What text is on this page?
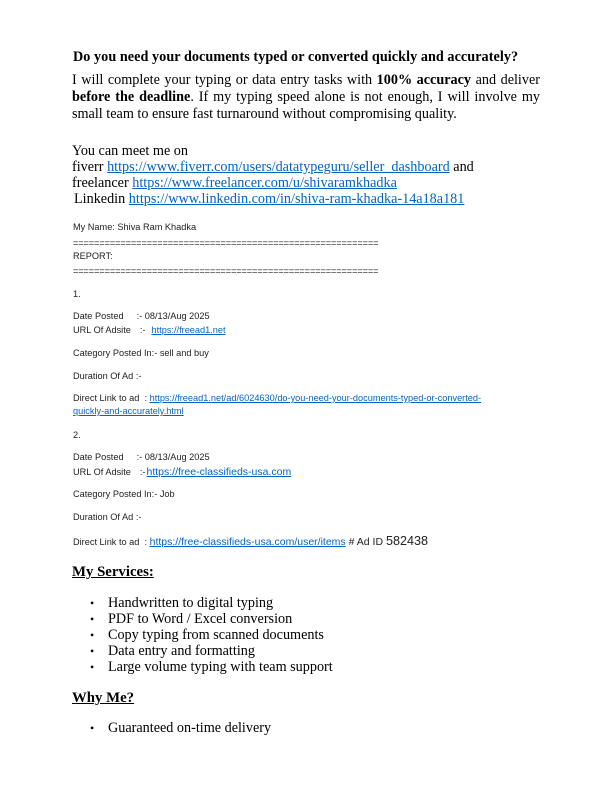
Do you need your documents typed or converted quickly and accurately?
I will complete your typing or data entry tasks with 100% accuracy and deliver before the deadline. If my typing speed alone is not enough, I will involve my small team to ensure fast turnaround without compromising quality.
You can meet me on
fiverr https://www.fiverr.com/users/datatypeguru/seller_dashboard and
freelancer https://www.freelancer.com/u/shivaramkhadka
Linkedin https://www.linkedin.com/in/shiva-ram-khadka-14a18a181
My Name: Shiva Ram Khadka
==========================================================
REPORT:
==========================================================
1.
Date Posted :- 08/13/Aug 2025
URL Of Adsite :- https://freead1.net
Category Posted In:- sell and buy
Duration Of Ad :-
Direct Link to ad  : https://freead1.net/ad/6024630/do-you-need-your-documents-typed-or-converted-
quickly-and-accurately.html
2.
Date Posted :- 08/13/Aug 2025
URL Of Adsite :-https://free-classifieds-usa.com
Category Posted In:- Job
Duration Of Ad :-
Direct Link to ad  : https://free-classifieds-usa.com/user/items # Ad ID 582438
My Services:
• Handwritten to digital typing
• PDF to Word / Excel conversion
• Copy typing from scanned documents
• Data entry and formatting
• Large volume typing with team support
Why Me?
• Guaranteed on-time delivery
